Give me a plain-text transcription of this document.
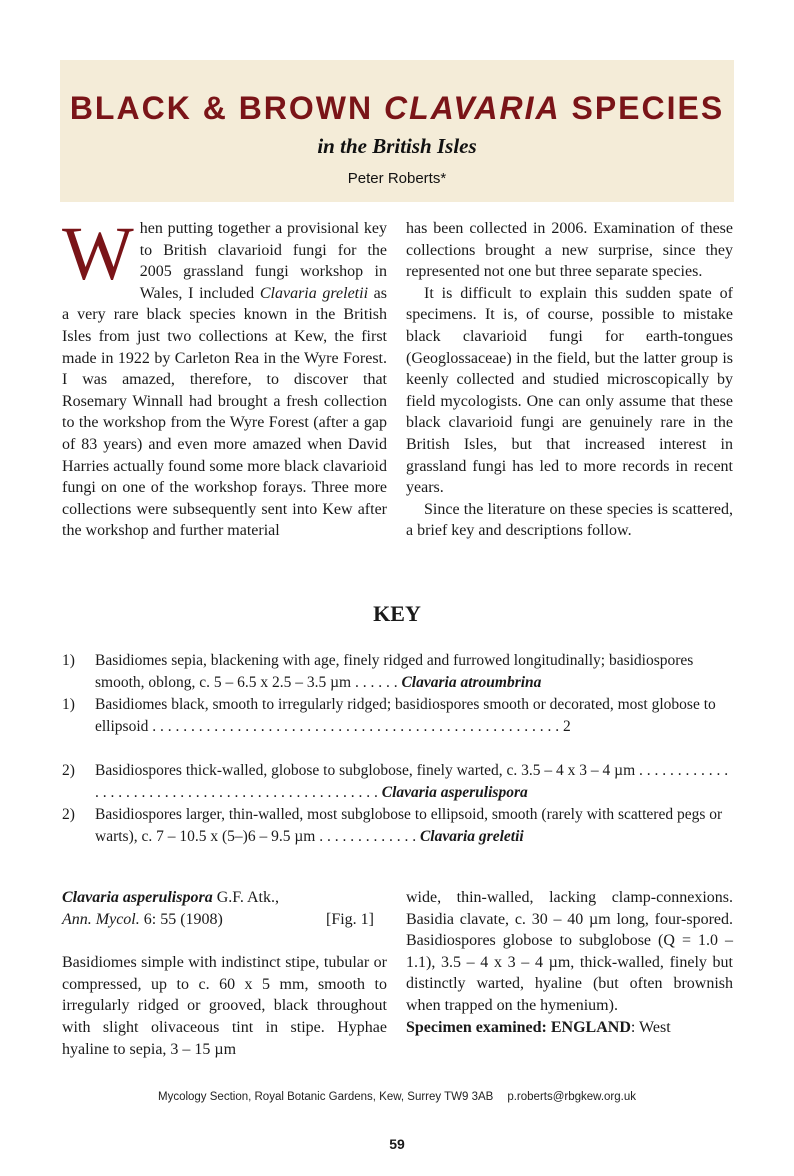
BLACK & BROWN CLAVARIA SPECIES
in the British Isles
Peter Roberts*

When putting together a provisional key to British clavarioid fungi for the 2005 grassland fungi workshop in Wales, I included Clavaria greletii as a very rare black species known in the British Isles from just two collections at Kew, the first made in 1922 by Carleton Rea in the Wyre Forest. I was amazed, therefore, to discover that Rosemary Winnall had brought a fresh collection to the workshop from the Wyre Forest (after a gap of 83 years) and even more amazed when David Harries actually found some more black clavarioid fungi on one of the workshop forays. Three more collections were subsequently sent into Kew after the workshop and further material

has been collected in 2006. Examination of these collections brought a new surprise, since they represented not one but three separate species.

It is difficult to explain this sudden spate of specimens. It is, of course, possible to mistake black clavarioid fungi for earth-tongues (Geoglossaceae) in the field, but the latter group is keenly collected and studied microscopically by field mycologists. One can only assume that these black clavarioid fungi are genuinely rare in the British Isles, but that increased interest in grassland fungi has led to more records in recent years.

Since the literature on these species is scattered, a brief key and descriptions follow.

KEY
1) Basidiomes sepia, blackening with age, finely ridged and furrowed longitudinally; basidiospores smooth, oblong, c. 5 – 6.5 x 2.5 – 3.5 µm . . . . . . Clavaria atroumbrina
1) Basidiomes black, smooth to irregularly ridged; basidiospores smooth or decorated, most globose to ellipsoid . . . . . . . . . . . . . . . . . . . . . . . . . . . . . . . . . . . . . . . . . . . . . . . . . . . . . 2
2) Basidiospores thick-walled, globose to subglobose, finely warted, c. 3.5 – 4 x 3 – 4 µm . . . . . . . . . . . . . . . . . . . . . . . . . . . . . . . . . . . . . . . . . . . . . . . . . Clavaria asperulispora
2) Basidiospores larger, thin-walled, most subglobose to ellipsoid, smooth (rarely with scattered pegs or warts), c. 7 – 10.5 x (5–)6 – 9.5 µm . . . . . . . . . . . . . Clavaria greletii
Clavaria asperulispora G.F. Atk.,
Ann. Mycol. 6: 55 (1908)	[Fig. 1]
Basidiomes simple with indistinct stipe, tubular or compressed, up to c. 60 x 5 mm, smooth to irregularly ridged or grooved, black throughout with slight olivaceous tint in stipe. Hyphae hyaline to sepia, 3 – 15 µm
wide, thin-walled, lacking clamp-connexions. Basidia clavate, c. 30 – 40 µm long, four-spored. Basidiospores globose to subglobose (Q = 1.0 – 1.1), 3.5 – 4 x 3 – 4 µm, thick-walled, finely but distinctly warted, hyaline (but often brownish when trapped on the hymenium).
Specimen examined: ENGLAND: West
Mycology Section, Royal Botanic Gardens, Kew, Surrey TW9 3AB p.roberts@rbgkew.org.uk
59
